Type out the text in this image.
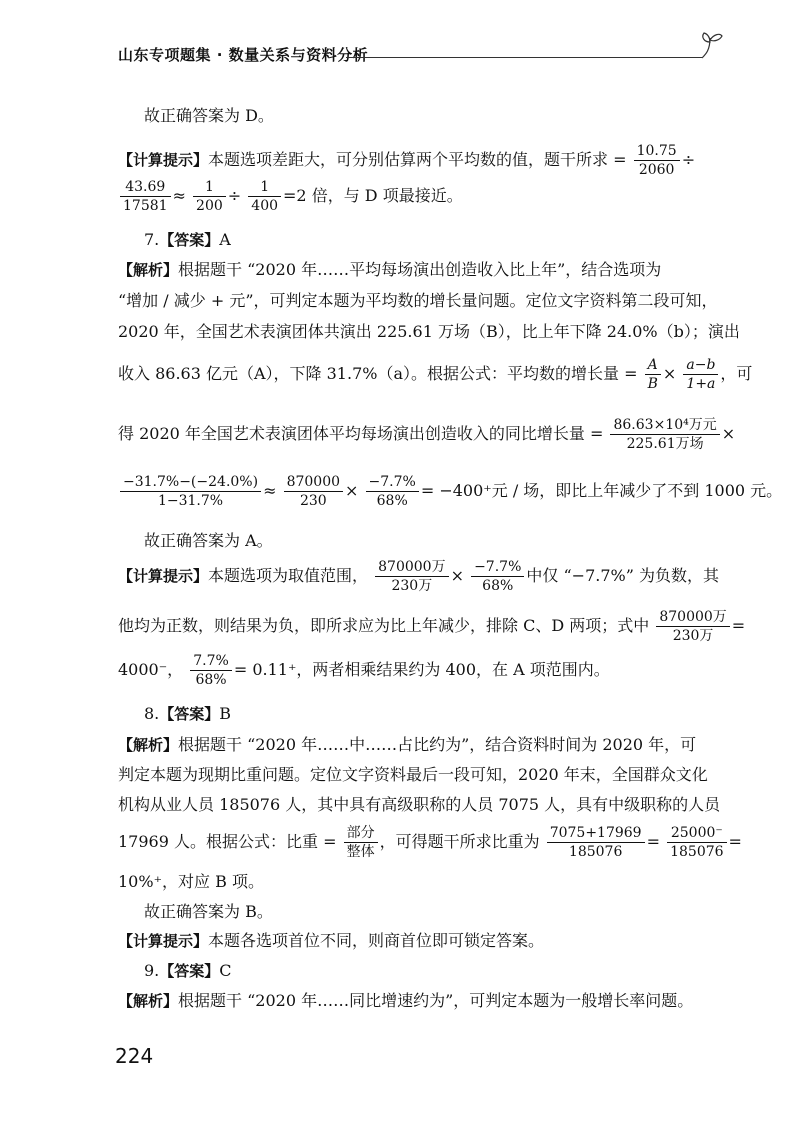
山东专项题集 · 数量关系与资料分析
故正确答案为 D。
【计算提示】本题选项差距大，可分别估算两个平均数的值，题干所求 = $\frac{10.75}{2060}$ ÷
$\frac{43.69}{17581} \approx \frac{1}{200} \div \frac{1}{400} =2$ 倍，与 D 项最接近。
7.【答案】A
【解析】根据题干 “2020 年……平均每场演出创造收入比上年”，结合选项为
“增加 / 减少 + 元”，可判定本题为平均数的增长量问题。定位文字资料第二段可知，
2020 年，全国艺术表演团体共演出 225.61 万场（B），比上年下降 24.0%（b）；演出
收入 86.63 亿元（A），下降 31.7%（a）。根据公式：平均数的增长量 = $\frac{A}{B} \times \frac{a-b}{1+a}$ ，可
得 2020 年全国艺术表演团体平均每场演出创造收入的同比增长量 = $\frac{\text{86.63×10⁴万元}}{\text{225.61万场}}$ ×
$\frac{-31.7\%-(-24.0\%)}{1-31.7\%} \approx \frac{870000}{230} \times \frac{-7.7\%}{68\%} = -400^+$元 / 场，即比上年减少了不到 1000 元。
故正确答案为 A。
【计算提示】本题选项为取值范围， $\frac{\text{870000万}}{\text{230万}} \times \frac{-7.7\%}{68\%}$ 中仅 “−7.7%” 为负数，其
他均为正数，则结果为负，即所求应为比上年减少，排除 C、D 两项；式中 $\frac{\text{870000万}}{\text{230万}}$ =
4000⁻， $\frac{7.7\%}{68\%} = 0.11^+$，两者相乘结果约为 400，在 A 项范围内。
8.【答案】B
【解析】根据题干 “2020 年……中……占比约为”，结合资料时间为 2020 年，可
判定本题为现期比重问题。定位文字资料最后一段可知，2020 年末，全国群众文化
机构从业人员 185076 人，其中具有高级职称的人员 7075 人，具有中级职称的人员
17969 人。根据公式：比重 = $\frac{\text{部分}}{\text{整体}}$ ，可得题干所求比重为 $\frac{7075+17969}{185076} = \frac{25000^-}{185076}$ =
10%⁺，对应 B 项。
故正确答案为 B。
【计算提示】本题各选项首位不同，则商首位即可锁定答案。
9.【答案】C
【解析】根据题干 “2020 年……同比增速约为”，可判定本题为一般增长率问题。
224
